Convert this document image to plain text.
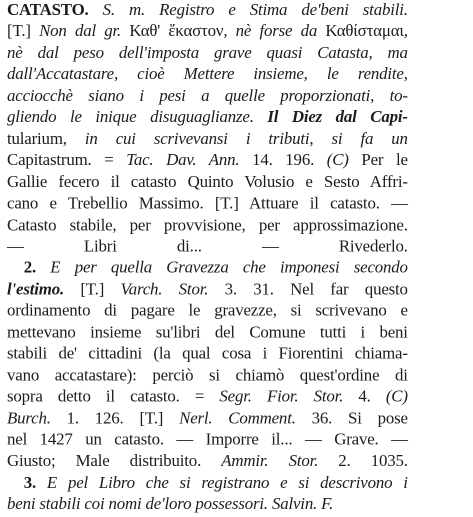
CATASTO. S. m. Registro e Stima de'beni stabili.
[T.] Non dal gr. Καθ' ἕκαστον, nè forse da Καθίσταμαι,
nè dal peso dell'imposta grave quasi Catasta, ma
dall'Accatastare, cioè Mettere insieme, le rendite,
acciocchè siano i pesi a quelle proporzionati, to-
gliendo le inique disuguaglianze. Il Diez dal Capi-
tularium, in cui scrivevansi i tributi, si fa un
Capitastrum. = Tac. Dav. Ann. 14. 196. (C) Per le
Gallie fecero il catasto Quinto Volusio e Sesto Affri-
cano e Trebellio Massimo. [T.] Attuare il catasto. —
Catasto stabile, per provvisione, per approssimazione.
— Libri di... — Rivederlo.
2. E per quella Gravezza che imponesi secondo
l'estimo. [T.] Varch. Stor. 3. 31. Nel far questo
ordinamento di pagare le gravezze, si scrivevano e
mettevano insieme su'libri del Comune tutti i beni
stabili de' cittadini (la qual cosa i Fiorentini chiama-
vano accatastare): perciò si chiamò quest'ordine di
sopra detto il catasto. = Segr. Fior. Stor. 4. (C)
Burch. 1. 126. [T.] Nerl. Comment. 36. Si pose
nel 1427 un catasto. — Imporre il... — Grave. —
Giusto; Male distribuito. Ammir. Stor. 2. 1035.
3. E pel Libro che si registrano e si descrivono i
beni stabili coi nomi de'loro possessori. Salvin. F.
